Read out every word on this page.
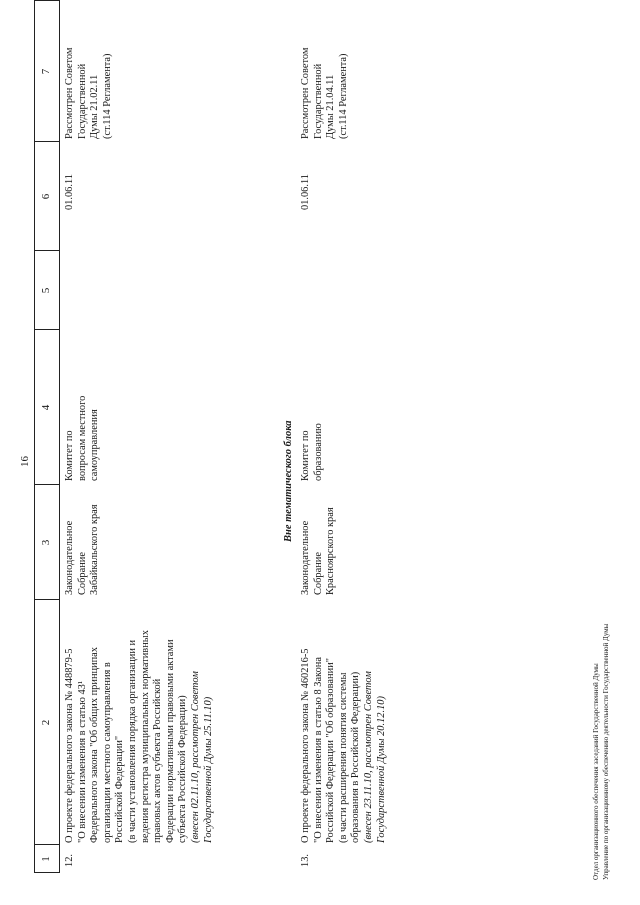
16
1
2
3
4
5
6
7
12.
О проекте федерального закона № 448879-5 "О внесении изменения в статью 43¹ Федерального закона "Об общих принципах организации местного самоуправления в Российской Федерации" (в части установления порядка организации и ведения регистра муниципальных нормативных правовых актов субъекта Российской Федерации нормативными правовыми актами субъекта Российской Федерации) (внесен 02.11.10, рассмотрен Советом Государственной Думы 25.11.10)
Законодательное Собрание Забайкальского края
Комитет по вопросам местного самоуправления
01.06.11
Рассмотрен Советом Государственной Думы 21.02.11 (ст.114 Регламента)
Вне тематического блока
13.
О проекте федерального закона № 460216-5 "О внесении изменения в статью 8 Закона Российской Федерации "Об образовании" (в части расширения понятия системы образования в Российской Федерации) (внесен 23.11.10, рассмотрен Советом Государственной Думы 20.12.10)
Законодательное Собрание Красноярского края
Комитет по образованию
01.06.11
Рассмотрен Советом Государственной Думы 21.04.11 (ст.114 Регламента)
Отдел организационного обеспечения заседаний Государственной Думы Управление по организационному обеспечению деятельности Государственной Думы
